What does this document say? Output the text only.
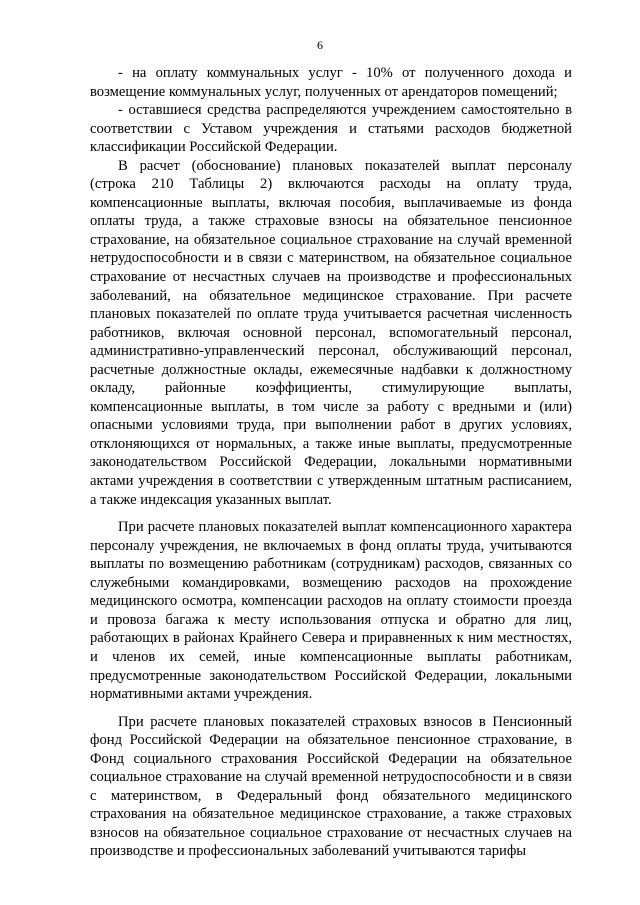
6

- на оплату коммунальных услуг - 10% от полученного дохода и возмещение коммунальных услуг, полученных от арендаторов помещений;

- оставшиеся средства распределяются учреждением самостоятельно в соответствии с Уставом учреждения и статьями расходов бюджетной классификации Российской Федерации.

В расчет (обоснование) плановых показателей выплат персоналу (строка 210 Таблицы 2) включаются расходы на оплату труда, компенсационные выплаты, включая пособия, выплачиваемые из фонда оплаты труда, а также страховые взносы на обязательное пенсионное страхование, на обязательное социальное страхование на случай временной нетрудоспособности и в связи с материнством, на обязательное социальное страхование от несчастных случаев на производстве и профессиональных заболеваний, на обязательное медицинское страхование. При расчете плановых показателей по оплате труда учитывается расчетная численность работников, включая основной персонал, вспомогательный персонал, административно-управленческий персонал, обслуживающий персонал, расчетные должностные оклады, ежемесячные надбавки к должностному окладу, районные коэффициенты, стимулирующие выплаты, компенсационные выплаты, в том числе за работу с вредными и (или) опасными условиями труда, при выполнении работ в других условиях, отклоняющихся от нормальных, а также иные выплаты, предусмотренные законодательством Российской Федерации, локальными нормативными актами учреждения в соответствии с утвержденным штатным расписанием, а также индексация указанных выплат.

При расчете плановых показателей выплат компенсационного характера персоналу учреждения, не включаемых в фонд оплаты труда, учитываются выплаты по возмещению работникам (сотрудникам) расходов, связанных со служебными командировками, возмещению расходов на прохождение медицинского осмотра, компенсации расходов на оплату стоимости проезда и провоза багажа к месту использования отпуска и обратно для лиц, работающих в районах Крайнего Севера и приравненных к ним местностях, и членов их семей, иные компенсационные выплаты работникам, предусмотренные законодательством Российской Федерации, локальными нормативными актами учреждения.

При расчете плановых показателей страховых взносов в Пенсионный фонд Российской Федерации на обязательное пенсионное страхование, в Фонд социального страхования Российской Федерации на обязательное социальное страхование на случай временной нетрудоспособности и в связи с материнством, в Федеральный фонд обязательного медицинского страхования на обязательное медицинское страхование, а также страховых взносов на обязательное социальное страхование от несчастных случаев на производстве и профессиональных заболеваний учитываются тарифы
